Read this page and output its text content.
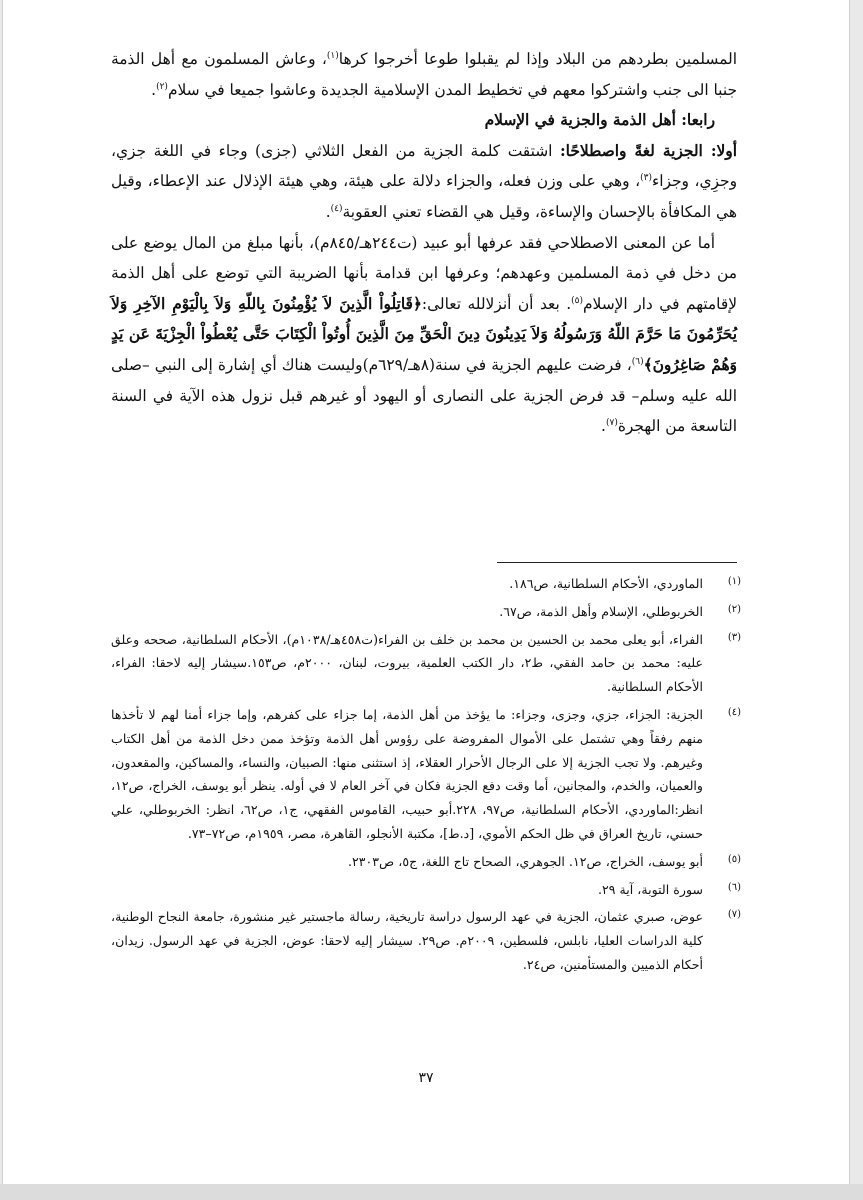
المسلمين بطردهم من البلاد وإذا لم يقبلوا طوعا أخرجوا كرها$^{(١)}$، وعاش المسلمون مع أهل الذمة جنبا الى جنب واشتركوا معهم في تخطيط المدن الإسلامية الجديدة وعاشوا جميعا في سلام$^{(٢)}$.

رابعا: أهل الذمة والجزية في الإسلام

أولا: الجزية لغةً واصطلاحًا: اشتقت كلمة الجزية من الفعل الثلاثي (جزى) وجاء في اللغة جزي، وجزِي، وجزاء$^{(٣)}$، وهي على وزن فعله، والجزاء دلالة على هيئة، وهي هيئة الإذلال عند الإعطاء، وقيل هي المكافأة بالإحسان والإساءة، وقيل هي القضاء تعني العقوبة$^{(٤)}$.

أما عن المعنى الاصطلاحي فقد عرفها أبو عبيد (ت٢٤٤هـ/٨٤٥م)، بأنها مبلغ من المال يوضع على من دخل في ذمة المسلمين وعهدهم؛ وعرفها ابن قدامة بأنها الضريبة التي توضع على أهل الذمة لإقامتهم في دار الإسلام$^{(٥)}$. بعد أن أنزلالله تعالى:﴿قَاتِلُواْ الَّذِينَ لاَ يُؤْمِنُونَ بِاللّهِ وَلاَ بِالْيَوْمِ الآخِرِ وَلاَ يُحَرِّمُونَ مَا حَرَّمَ اللّهُ وَرَسُولُهُ وَلاَ يَدِينُونَ دِينَ الْحَقِّ مِنَ الَّذِينَ أُوتُواْ الْكِتَابَ حَتَّى يُعْطُواْ الْجِزْيَةَ عَن يَدٍ وَهُمْ صَاغِرُونَ﴾$^{(٦)}$، فرضت عليهم الجزية في سنة(٨هـ/٦٢٩م)وليست هناك أي إشارة إلى النبي –صلى الله عليه وسلم– قد فرض الجزية على النصارى أو اليهود أو غيرهم قبل نزول هذه الآية في السنة التاسعة من الهجرة$^{(٧)}$.

(١)
الماوردي، الأحكام السلطانية، ص١٨٦.
(٢)
الخربوطلي، الإسلام وأهل الذمة، ص٦٧.
(٣)
الفراء، أبو يعلى محمد بن الحسين بن محمد بن خلف بن الفراء(ت٤٥٨هـ/١٠٣٨م)، الأحكام السلطانية، صححه وعلق عليه: محمد بن حامد الفقي، ط٢، دار الكتب العلمية، بيروت، لبنان، ٢٠٠٠م، ص١٥٣.سيشار إليه لاحقا: الفراء، الأحكام السلطانية.
(٤)
الجزية: الجزاء، جزي، وجزى، وجزاء: ما يؤخذ من أهل الذمة، إما جزاء على كفرهم، وإما جزاء أمنا لهم لا تأخذها منهم رفقاً وهي تشتمل على الأموال المفروضة على رؤوس أهل الذمة وتؤخذ ممن دخل الذمة من أهل الكتاب وغيرهم. ولا تجب الجزية إلا على الرجال الأحرار العقلاء، إذ استثنى منها: الصبيان، والنساء، والمساكين، والمقعدون، والعميان، والخدم، والمجانين، أما وقت دفع الجزية فكان في آخر العام لا في أوله. ينظر أبو يوسف، الخراج، ص١٢، انظر:الماوردي، الأحكام السلطانية، ص٩٧، ٢٢٨.أبو حبيب، القاموس الفقهي، ج١، ص٦٢، انظر: الخربوطلي، علي حسني، تاريخ العراق في ظل الحكم الأموي، [د.ط]، مكتبة الأنجلو، القاهرة، مصر، ١٩٥٩م، ص٧٢–٧٣.
(٥)
أبو يوسف، الخراج، ص١٢. الجوهري، الصحاح تاج اللغة، ج٥، ص٢٣٠٣.
(٦)
سورة التوبة، آية ٢٩.
(٧)
عوض، صبري عثمان، الجزية في عهد الرسول دراسة تاريخية، رسالة ماجستير غير منشورة، جامعة النجاح الوطنية، كلية الدراسات العليا، نابلس، فلسطين، ٢٠٠٩م. ص٢٩. سيشار إليه لاحقا: عوض، الجزية في عهد الرسول. زيدان، أحكام الذميين والمستأمنين، ص٢٤.
٣٧
